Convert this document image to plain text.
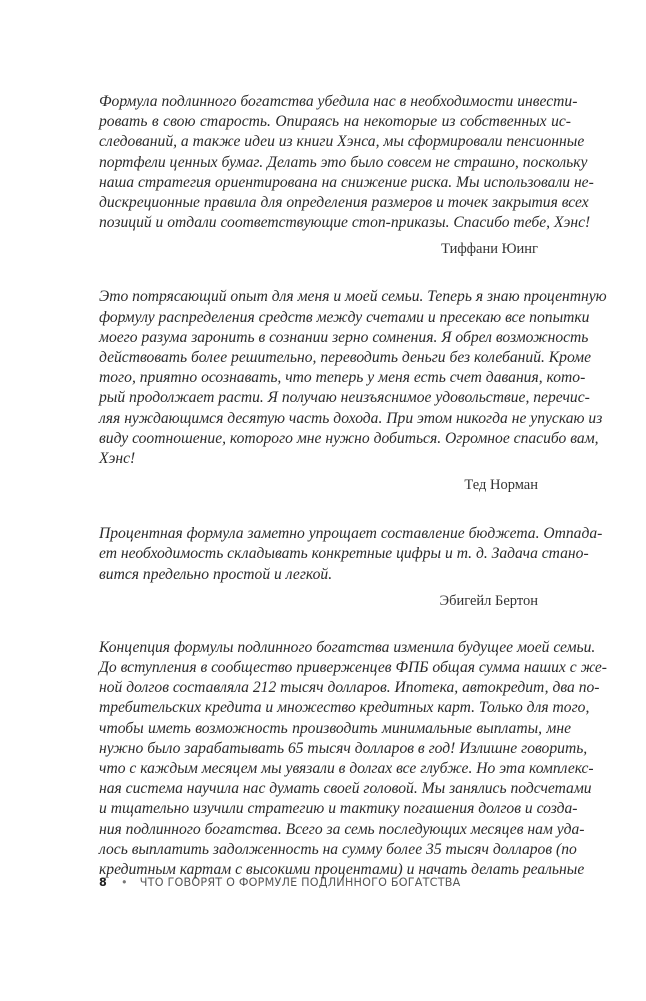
Формула подлинного богатства убедила нас в необходимости инвести-
ровать в свою старость. Опираясь на некоторые из собственных ис-
следований, а также идеи из книги Хэнса, мы сформировали пенсионные
портфели ценных бумаг. Делать это было совсем не страшно, поскольку
наша стратегия ориентирована на снижение риска. Мы использовали не-
дискреционные правила для определения размеров и точек закрытия всех
позиций и отдали соответствующие стоп-приказы. Спасибо тебе, Хэнс!

Тиффани Юинг

Это потрясающий опыт для меня и моей семьи. Теперь я знаю процентную
формулу распределения средств между счетами и пресекаю все попытки
моего разума заронить в сознании зерно сомнения. Я обрел возможность
действовать более решительно, переводить деньги без колебаний. Кроме
того, приятно осознавать, что теперь у меня есть счет давания, кото-
рый продолжает расти. Я получаю неизъяснимое удовольствие, перечис-
ляя нуждающимся десятую часть дохода. При этом никогда не упускаю из
виду соотношение, которого мне нужно добиться. Огромное спасибо вам,
Хэнс!

Тед Норман

Процентная формула заметно упрощает составление бюджета. Отпада-
ет необходимость складывать конкретные цифры и т. д. Задача стано-
вится предельно простой и легкой.

Эбигейл Бертон

Концепция формулы подлинного богатства изменила будущее моей семьи.
До вступления в сообщество приверженцев ФПБ общая сумма наших с же-
ной долгов составляла 212 тысяч долларов. Ипотека, автокредит, два по-
требительских кредита и множество кредитных карт. Только для того,
чтобы иметь возможность производить минимальные выплаты, мне
нужно было зарабатывать 65 тысяч долларов в год! Излишне говорить,
что с каждым месяцем мы увязали в долгах все глубже. Но эта комплекс-
ная система научила нас думать своей головой. Мы занялись подсчетами
и тщательно изучили стратегию и тактику погашения долгов и созда-
ния подлинного богатства. Всего за семь последующих месяцев нам уда-
лось выплатить задолженность на сумму более 35 тысяч долларов (по
кредитным картам с высокими процентами) и начать делать реальные

8 • ЧТО ГОВОРЯТ О ФОРМУЛЕ ПОДЛИННОГО БОГАТСТВА
